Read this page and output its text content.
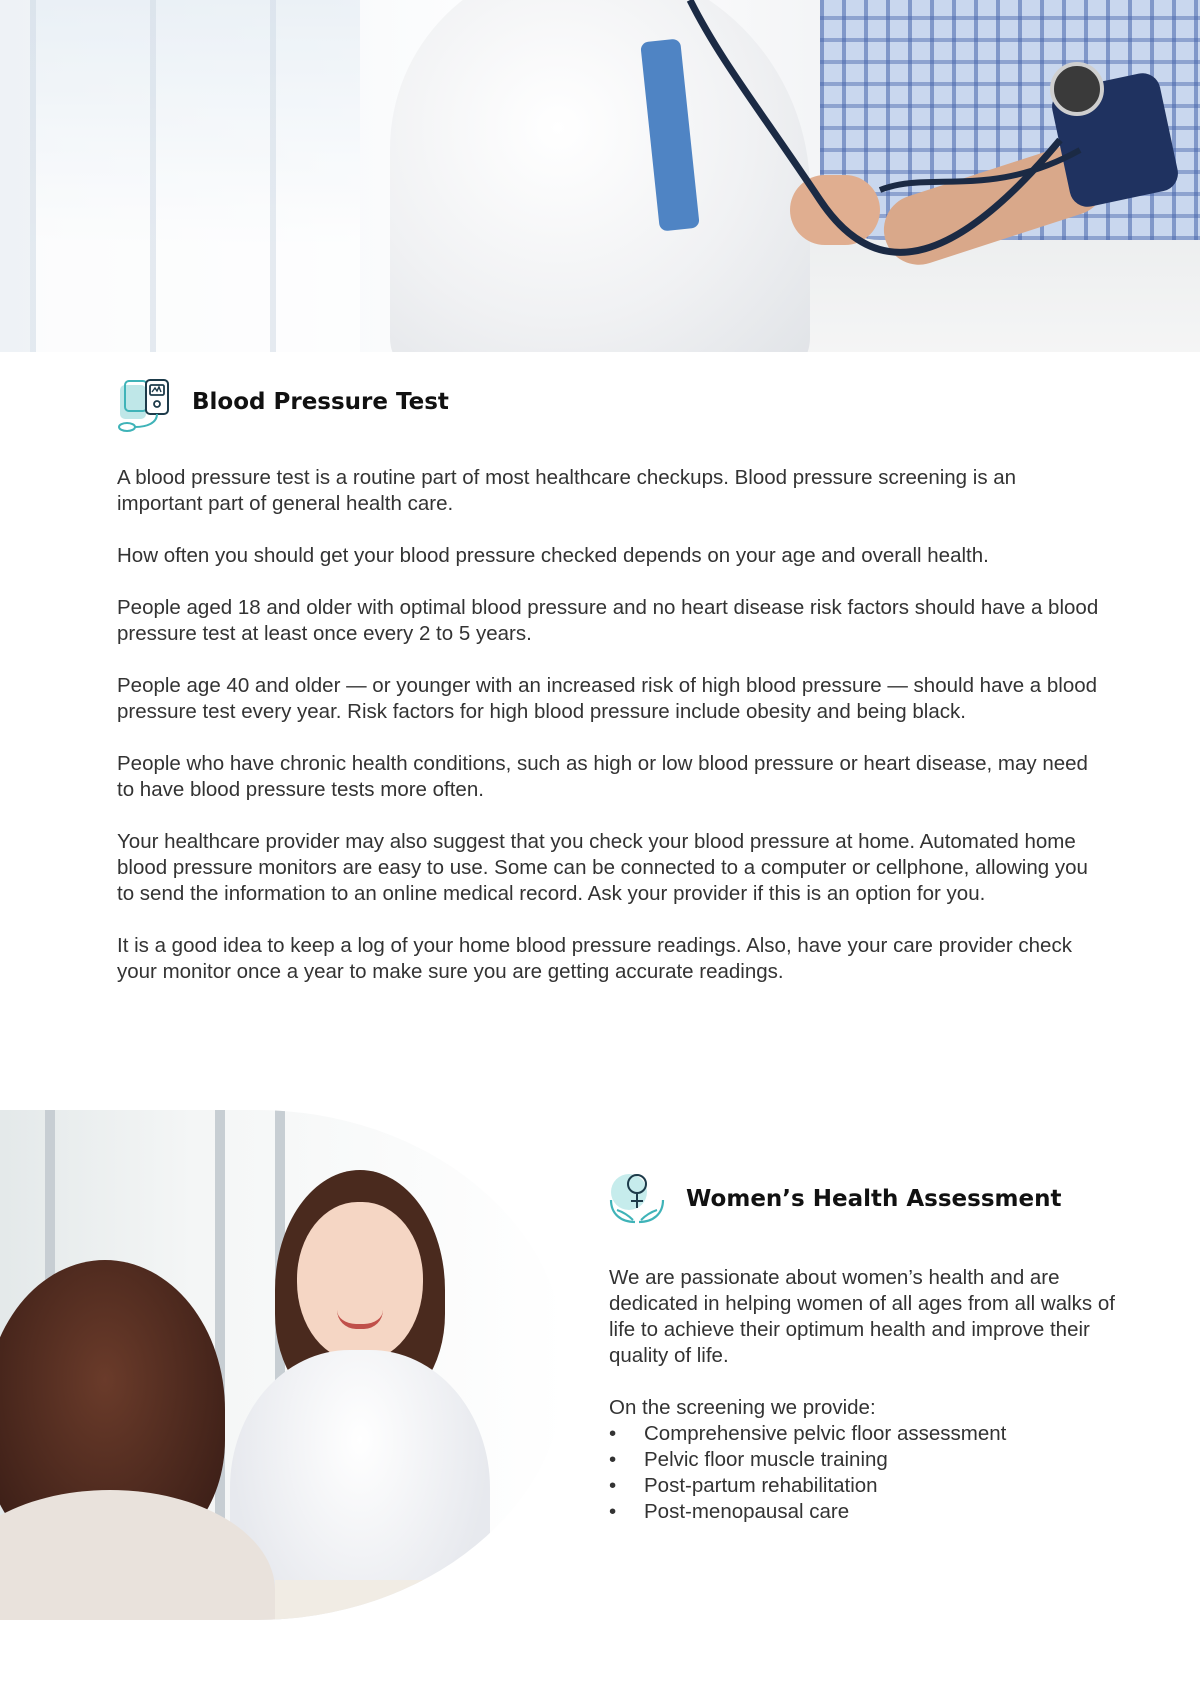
Blood Pressure Test

A blood pressure test is a routine part of most healthcare checkups. Blood pressure screening is an important part of general health care.

How often you should get your blood pressure checked depends on your age and overall health.

People aged 18 and older with optimal blood pressure and no heart disease risk factors should have a blood pressure test at least once every 2 to 5 years.

People age 40 and older — or younger with an increased risk of high blood pressure — should have a blood pressure test every year. Risk factors for high blood pressure include obesity and being black.

People who have chronic health conditions, such as high or low blood pressure or heart disease, may need to have blood pressure tests more often.

Your healthcare provider may also suggest that you check your blood pressure at home. Automated home blood pressure monitors are easy to use. Some can be connected to a computer or cellphone, allowing you to send the information to an online medical record. Ask your provider if this is an option for you.

It is a good idea to keep a log of your home blood pressure readings. Also, have your care provider check your monitor once a year to make sure you are getting accurate readings.

Women’s Health Assessment

We are passionate about women’s health and are dedicated in helping women of all ages from all walks of life to achieve their optimum health and improve their quality of life.

On the screening we provide:

• Comprehensive pelvic floor assessment
• Pelvic floor muscle training
• Post-partum rehabilitation
• Post-menopausal care
